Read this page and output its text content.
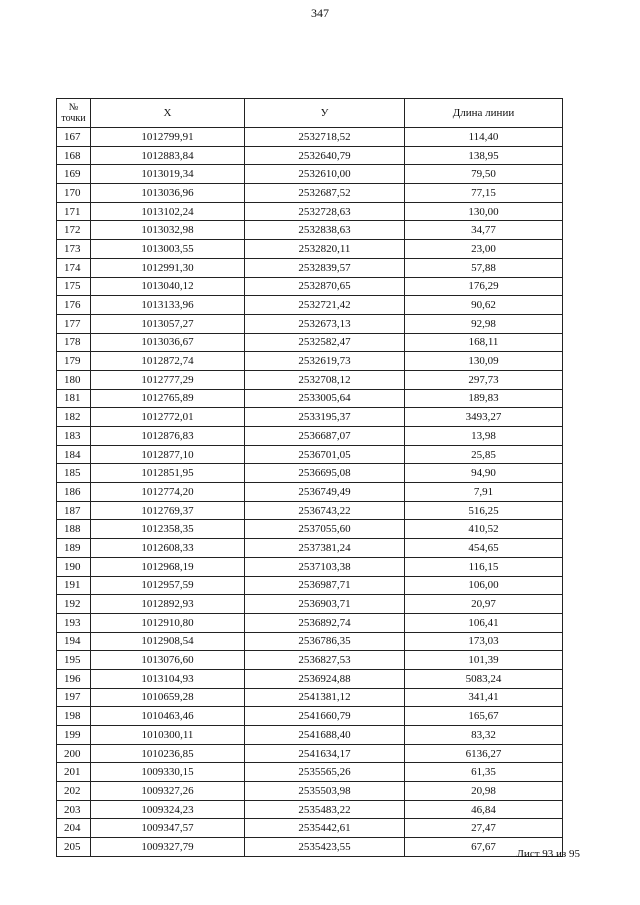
347
№
точки	X	У	Длина линии
167	1012799,91	2532718,52	114,40
168	1012883,84	2532640,79	138,95
169	1013019,34	2532610,00	79,50
170	1013036,96	2532687,52	77,15
171	1013102,24	2532728,63	130,00
172	1013032,98	2532838,63	34,77
173	1013003,55	2532820,11	23,00
174	1012991,30	2532839,57	57,88
175	1013040,12	2532870,65	176,29
176	1013133,96	2532721,42	90,62
177	1013057,27	2532673,13	92,98
178	1013036,67	2532582,47	168,11
179	1012872,74	2532619,73	130,09
180	1012777,29	2532708,12	297,73
181	1012765,89	2533005,64	189,83
182	1012772,01	2533195,37	3493,27
183	1012876,83	2536687,07	13,98
184	1012877,10	2536701,05	25,85
185	1012851,95	2536695,08	94,90
186	1012774,20	2536749,49	7,91
187	1012769,37	2536743,22	516,25
188	1012358,35	2537055,60	410,52
189	1012608,33	2537381,24	454,65
190	1012968,19	2537103,38	116,15
191	1012957,59	2536987,71	106,00
192	1012892,93	2536903,71	20,97
193	1012910,80	2536892,74	106,41
194	1012908,54	2536786,35	173,03
195	1013076,60	2536827,53	101,39
196	1013104,93	2536924,88	5083,24
197	1010659,28	2541381,12	341,41
198	1010463,46	2541660,79	165,67
199	1010300,11	2541688,40	83,32
200	1010236,85	2541634,17	6136,27
201	1009330,15	2535565,26	61,35
202	1009327,26	2535503,98	20,98
203	1009324,23	2535483,22	46,84
204	1009347,57	2535442,61	27,47
205	1009327,79	2535423,55	67,67
Лист 93 из 95
